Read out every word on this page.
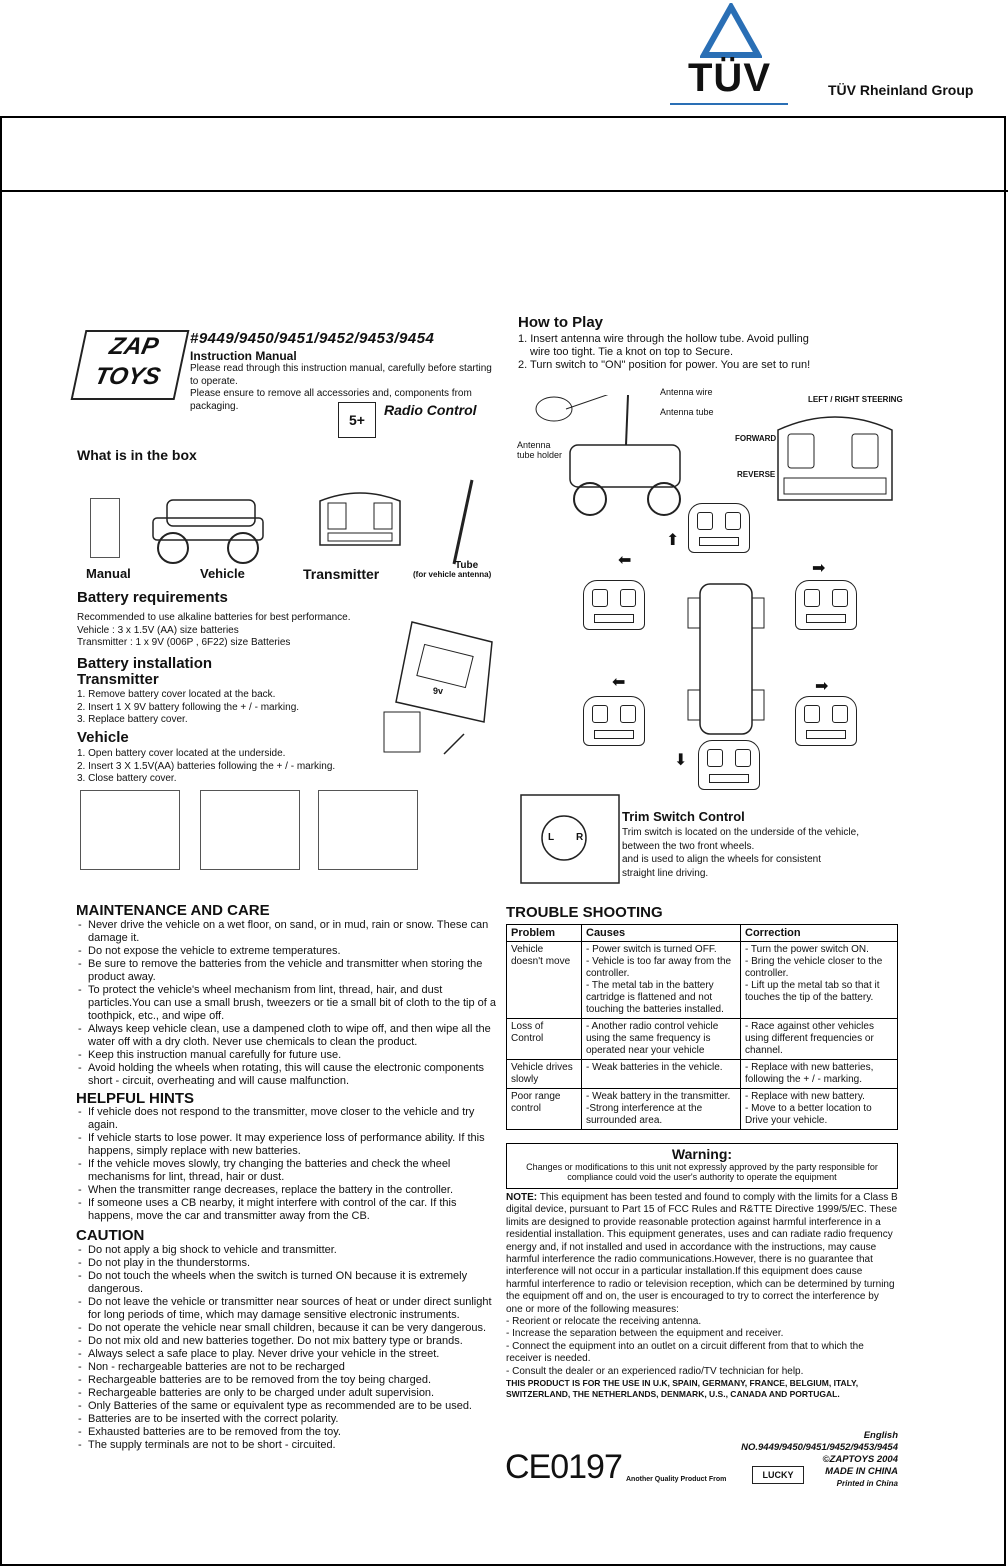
TÜV	TÜV Rheinland Group
ZAP TOYS
#9449/9450/9451/9452/9453/9454
Instruction Manual
Please read through this instruction manual, carefully before starting to operate.
Please ensure to remove all accessories and, components from packaging.
5+
Radio Control
What is in the box
Manual	Vehicle	Transmitter
Tube
(for vehicle antenna)
Battery requirements
Recommended to use alkaline batteries for best performance.
Vehicle : 3 x 1.5V (AA) size batteries
Transmitter : 1 x 9V (006P , 6F22) size Batteries
Battery installation
Transmitter
1. Remove battery cover located at the back.
2. Insert 1 X 9V battery following the + / - marking.
3. Replace battery cover.
Vehicle
1. Open battery cover located at the underside.
2. Insert 3 X 1.5V(AA) batteries following the + / - marking.
3. Close battery cover.
9v
How to Play
1. Insert antenna wire through the hollow tube. Avoid pulling
wire too tight. Tie a knot on top to Secure.
2. Turn switch to "ON" position for power. You are set to run!
Antenna wire
Antenna tube
Antenna
tube holder
LEFT / RIGHT STEERING
FORWARD
REVERSE
⬅
⬆
➡
⬅	➡
⬇
L R
Trim Switch Control
Trim switch is located on the underside of the vehicle,
between the two front wheels.
and is used to align the wheels for consistent
straight line driving.
MAINTENANCE AND CARE
- Never drive the vehicle on a wet floor, on sand, or in mud, rain or snow. These can damage it.
- Do not expose the vehicle to extreme temperatures.
- Be sure to remove the batteries from the vehicle and transmitter when storing the product away.
- To protect the vehicle's wheel mechanism from lint, thread, hair, and dust particles.You can use a small brush, tweezers or tie a small bit of cloth to the tip of a toothpick, etc., and wipe off.
- Always keep vehicle clean, use a dampened cloth to wipe off, and then wipe all the water off with a dry cloth. Never use chemicals to clean the product.
- Keep this instruction manual carefully for future use.
- Avoid holding the wheels when rotating, this will cause the electronic components short - circuit, overheating and will cause malfunction.
HELPFUL HINTS
- If vehicle does not respond to the transmitter, move closer to the vehicle and try again.
- If vehicle starts to lose power. It may experience loss of performance ability. If this happens, simply replace with new batteries.
- If the vehicle moves slowly, try changing the batteries and check the wheel mechanisms for lint, thread, hair or dust.
- When the transmitter range decreases, replace the battery in the controller.
- If someone uses a CB nearby, it might interfere with control of the car. If this happens, move the car and transmitter away from the CB.
CAUTION
- Do not apply a big shock to vehicle and transmitter.
- Do not play in the thunderstorms.
- Do not touch the wheels when the switch is turned ON because it is extremely dangerous.
- Do not leave the vehicle or transmitter near sources of heat or under direct sunlight for long periods of time, which may damage sensitive electronic instruments.
- Do not operate the vehicle near small children, because it can be very dangerous.
- Do not mix old and new batteries together. Do not mix battery type or brands.
- Always select a safe place to play. Never drive your vehicle in the street.
- Non - rechargeable batteries are not to be recharged
- Rechargeable batteries are to be removed from the toy being charged.
- Rechargeable batteries are only to be charged under adult supervision.
- Only Batteries of the same or equivalent type as recommended are to be used.
- Batteries are to be inserted with the correct polarity.
- Exhausted batteries are to be removed from the toy.
- The supply terminals are not to be short - circuited.
TROUBLE SHOOTING
Problem	Causes	Correction
Vehicle doesn't move	- Power switch is turned OFF.
- Vehicle is too far away from the controller.
- The metal tab in the battery cartridge is flattened and not touching the batteries installed.	- Turn the power switch ON.
- Bring the vehicle closer to the controller.
- Lift up the metal tab so that it touches the tip of the battery.
Loss of Control	- Another radio control vehicle using the same frequency is operated near your vehicle	- Race against other vehicles using different frequencies or channel.
Vehicle drives slowly	- Weak batteries in the vehicle.	- Replace with new batteries, following the + / - marking.
Poor range control	- Weak battery in the transmitter.
-Strong interference at the surrounded area.	- Replace with new battery.
- Move to a better location to Drive your vehicle.
Warning:
Changes or modifications to this unit not expressly approved by the party responsible for compliance could void the user's authority to operate the equipment
NOTE: This equipment has been tested and found to comply with the limits for a Class B digital device, pursuant to Part 15 of FCC Rules and R&TTE Directive 1999/5/EC. These limits are designed to provide reasonable protection against harmful interference in a residential installation. This equipment generates, uses and can radiate radio frequency energy and, if not installed and used in accordance with the instructions, may cause harmful interference the radio communications.However, there is no guarantee that interference will not occur in a particular installation.If this equipment does cause harmful interference to radio or television reception, which can be determined by turning the equipment off and on, the user is encouraged to try to correct the interference by one or more of the following measures:
- Reorient or relocate the receiving antenna.
- Increase the separation between the equipment and receiver.
- Connect the equipment into an outlet on a circuit different from that to which the receiver is needed.
- Consult the dealer or an experienced radio/TV technician for help.
THIS PRODUCT IS FOR THE USE IN U.K, SPAIN, GERMANY, FRANCE, BELGIUM, ITALY, SWITZERLAND, THE NETHERLANDS, DENMARK, U.S., CANADA AND PORTUGAL.
CE0197 Another Quality Product From	LUCKY
English
NO.9449/9450/9451/9452/9453/9454
©ZAPTOYS 2004
MADE IN CHINA
Printed in China
